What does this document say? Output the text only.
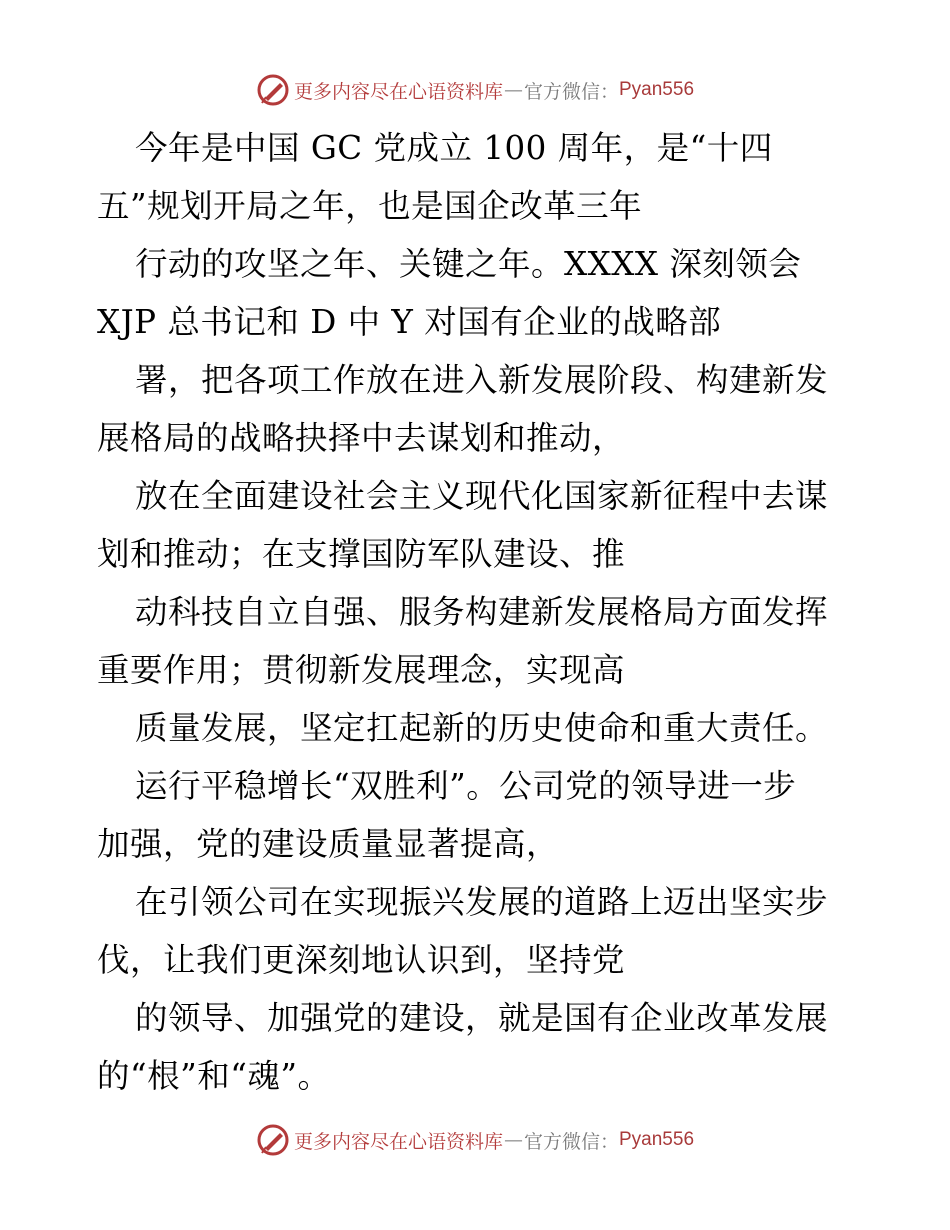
更多内容尽在心语资料库 — 官方微信： Pyan556
今年是中国 GC 党成立 100 周年，是“十四
五”规划开局之年，也是国企改革三年
行动的攻坚之年、关键之年。XXXX 深刻领会
XJP 总书记和 D 中 Y 对国有企业的战略部
署，把各项工作放在进入新发展阶段、构建新发
展格局的战略抉择中去谋划和推动，
放在全面建设社会主义现代化国家新征程中去谋
划和推动；在支撑国防军队建设、推
动科技自立自强、服务构建新发展格局方面发挥
重要作用；贯彻新发展理念，实现高
质量发展，坚定扛起新的历史使命和重大责任。
运行平稳增长“双胜利”。公司党的领导进一步
加强，党的建设质量显著提高，
在引领公司在实现振兴发展的道路上迈出坚实步
伐，让我们更深刻地认识到，坚持党
的领导、加强党的建设，就是国有企业改革发展
的“根”和“魂”。
更多内容尽在心语资料库 — 官方微信： Pyan556
